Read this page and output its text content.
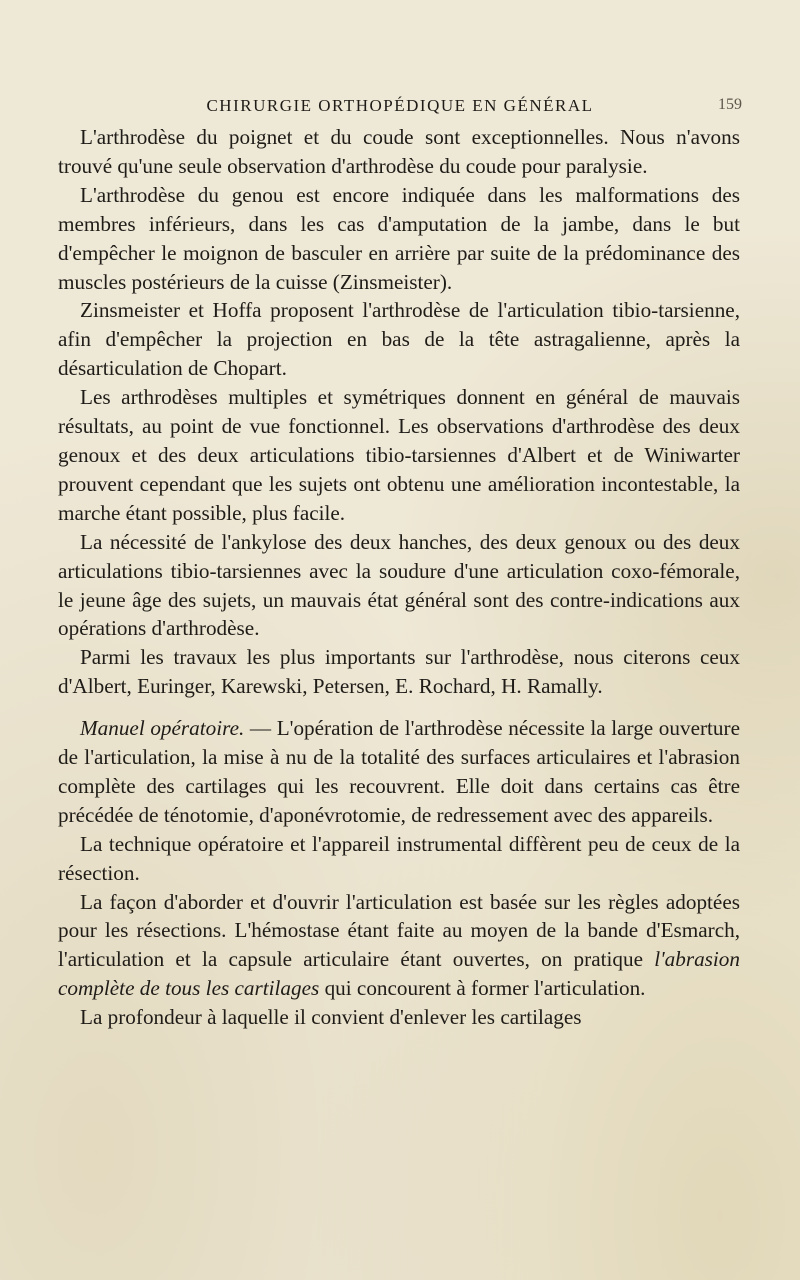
CHIRURGIE ORTHOPÉDIQUE EN GÉNÉRAL	159

L'arthrodèse du poignet et du coude sont exceptionnelles. Nous n'avons trouvé qu'une seule observation d'arthrodèse du coude pour paralysie.

L'arthrodèse du genou est encore indiquée dans les malformations des membres inférieurs, dans les cas d'amputation de la jambe, dans le but d'empêcher le moignon de basculer en arrière par suite de la prédominance des muscles postérieurs de la cuisse (Zinsmeister).

Zinsmeister et Hoffa proposent l'arthrodèse de l'articulation tibio-tarsienne, afin d'empêcher la projection en bas de la tête astragalienne, après la désarticulation de Chopart.

Les arthrodèses multiples et symétriques donnent en général de mauvais résultats, au point de vue fonctionnel. Les observations d'arthrodèse des deux genoux et des deux articulations tibio-tarsiennes d'Albert et de Winiwarter prouvent cependant que les sujets ont obtenu une amélioration incontestable, la marche étant possible, plus facile.

La nécessité de l'ankylose des deux hanches, des deux genoux ou des deux articulations tibio-tarsiennes avec la soudure d'une articulation coxo-fémorale, le jeune âge des sujets, un mauvais état général sont des contre-indications aux opérations d'arthrodèse.

Parmi les travaux les plus importants sur l'arthrodèse, nous citerons ceux d'Albert, Euringer, Karewski, Petersen, E. Rochard, H. Ramally.

Manuel opératoire. — L'opération de l'arthrodèse nécessite la large ouverture de l'articulation, la mise à nu de la totalité des surfaces articulaires et l'abrasion complète des cartilages qui les recouvrent. Elle doit dans certains cas être précédée de ténotomie, d'aponévrotomie, de redressement avec des appareils.

La technique opératoire et l'appareil instrumental diffèrent peu de ceux de la résection.

La façon d'aborder et d'ouvrir l'articulation est basée sur les règles adoptées pour les résections. L'hémostase étant faite au moyen de la bande d'Esmarch, l'articulation et la capsule articulaire étant ouvertes, on pratique l'abrasion complète de tous les cartilages qui concourent à former l'articulation.

La profondeur à laquelle il convient d'enlever les cartilages
